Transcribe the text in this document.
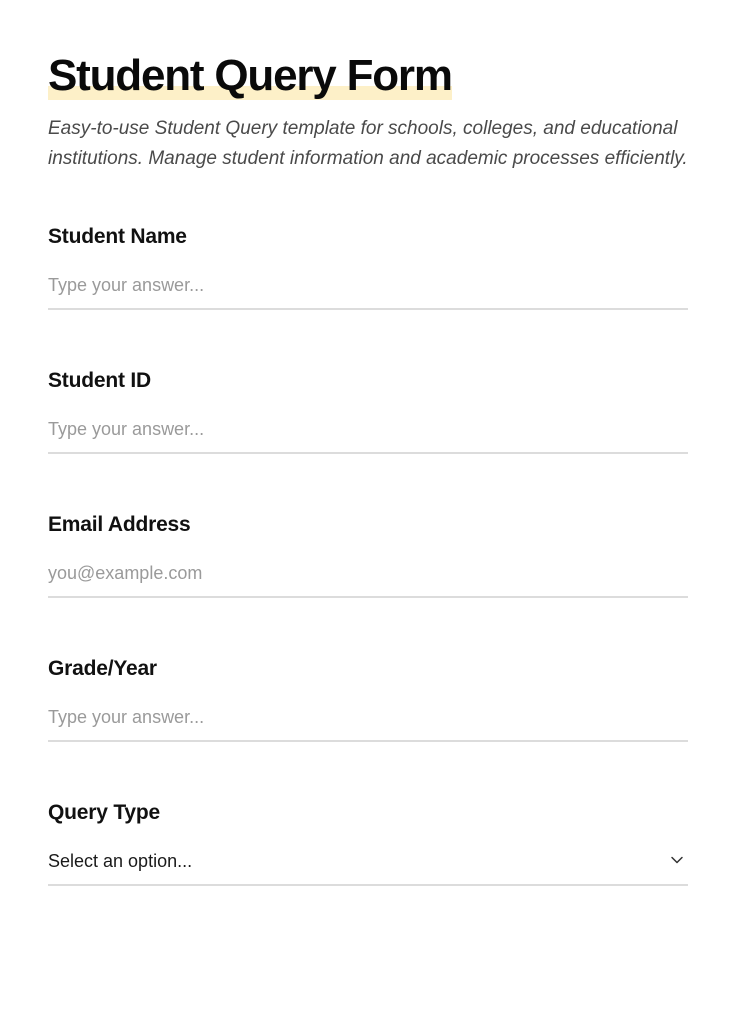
Student Query Form

Easy-to-use Student Query template for schools, colleges, and educational institutions. Manage student information and academic processes efficiently.

Student Name
Type your answer...
Student ID
Type your answer...
Email Address
you@example.com
Grade/Year
Type your answer...
Query Type
Select an option...
